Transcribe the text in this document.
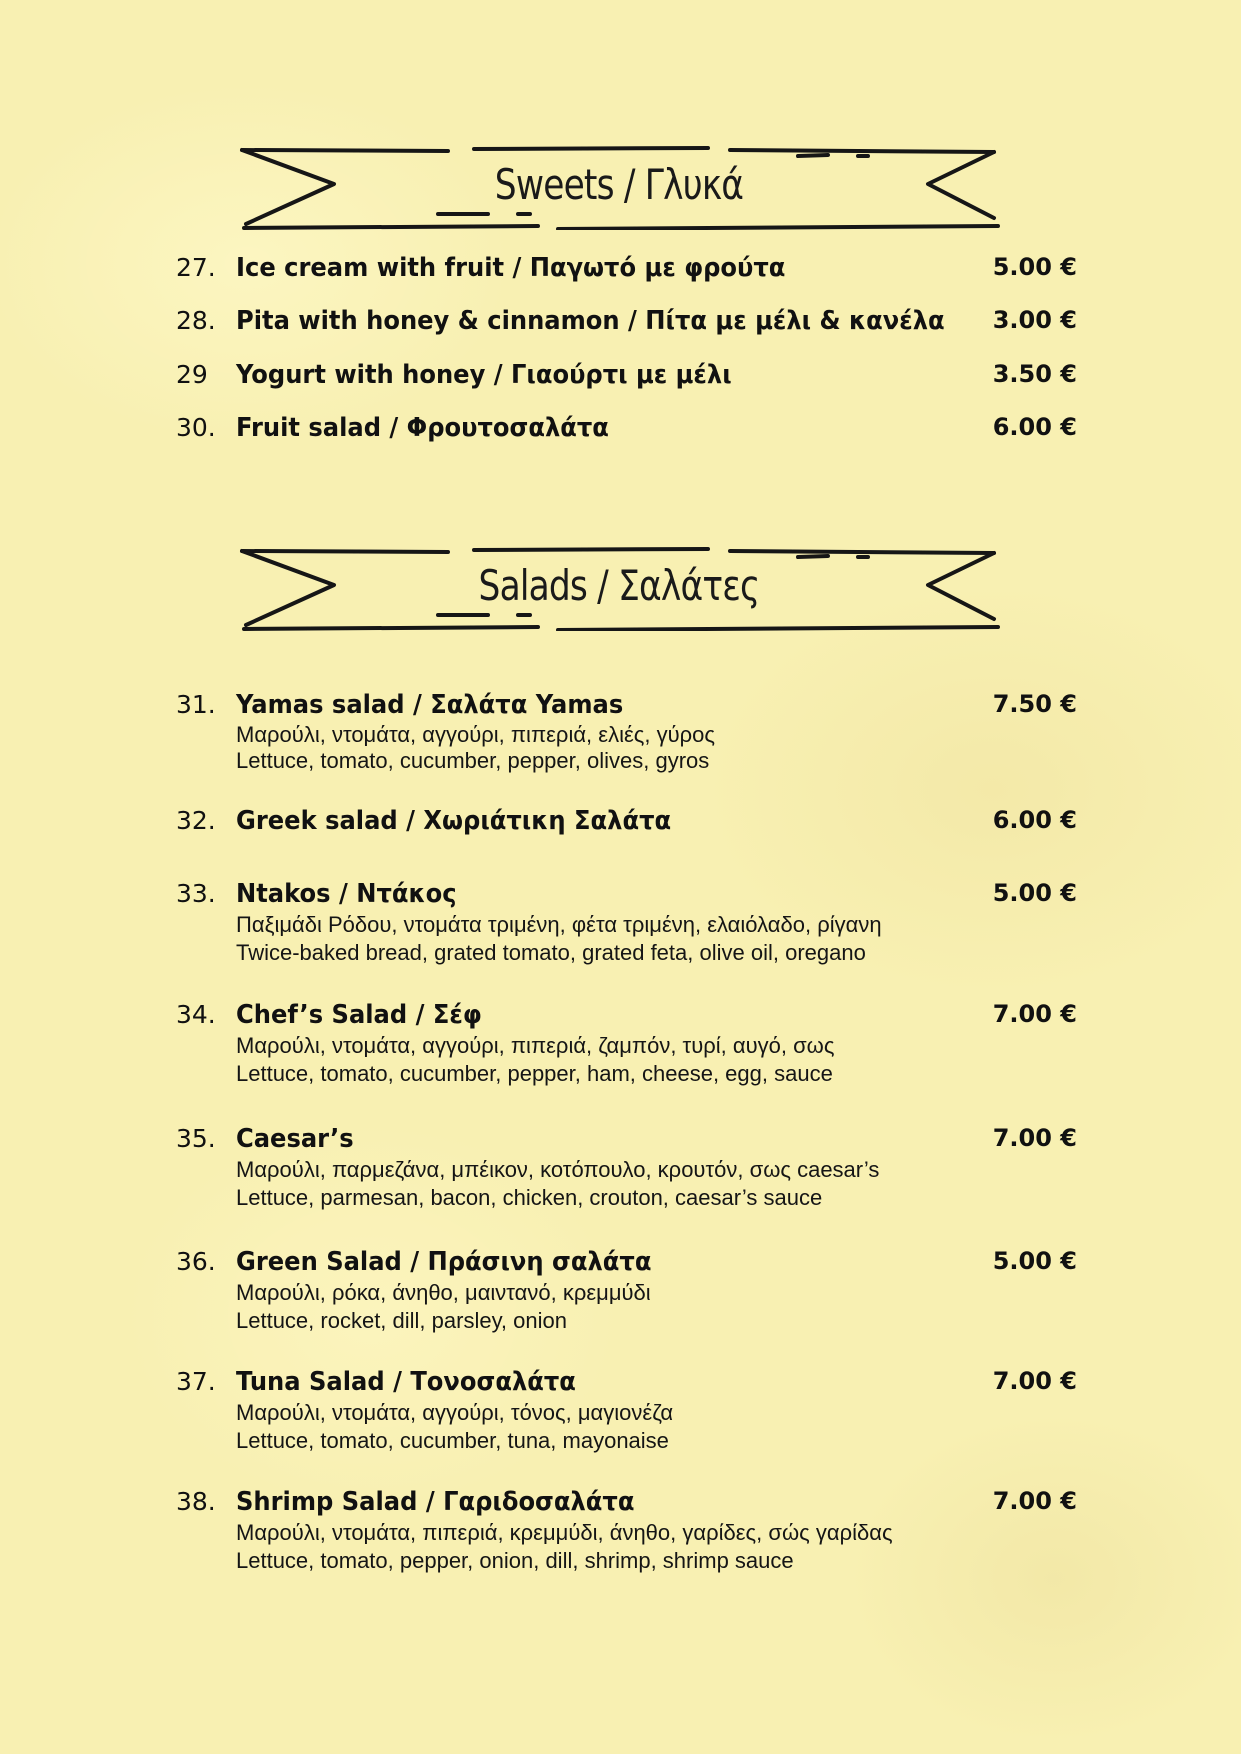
Sweets / Γλυκά
27. Ice cream with fruit / Παγωτό με φρούτα	5.00 €
28. Pita with honey & cinnamon / Πίτα με μέλι & κανέλα 3.00 €
29 Yogurt with honey / Γιαούρτι με μέλι	3.50 €
30. Fruit salad / Φρουτοσαλάτα	6.00 €
Salads / Σαλάτες
31. Yamas salad / Σαλάτα Yamas	7.50 €
Μαρούλι, ντομάτα, αγγούρι, πιπεριά, ελιές, γύρος
Lettuce, tomato, cucumber, pepper, olives, gyros
32. Greek salad / Χωριάτικη Σαλάτα	6.00 €
33. Ntakos / Ντάκος	5.00 €
Παξιμάδι Ρόδου, ντομάτα τριμένη, φέτα τριμένη, ελαιόλαδο, ρίγανη
Twice-baked bread, grated tomato, grated feta, olive oil, oregano
34. Chef’s Salad / Σέφ	7.00 €
Μαρούλι, ντομάτα, αγγούρι, πιπεριά, ζαμπόν, τυρί, αυγό, σως
Lettuce, tomato, cucumber, pepper, ham, cheese, egg, sauce
35. Caesar’s	7.00 €
Μαρούλι, παρμεζάνα, μπέικον, κοτόπουλο, κρουτόν, σως caesar’s
Lettuce, parmesan, bacon, chicken, crouton, caesar’s sauce
36. Green Salad / Πράσινη σαλάτα	5.00 €
Μαρούλι, ρόκα, άνηθο, μαιντανό, κρεμμύδι
Lettuce, rocket, dill, parsley, onion
37. Tuna Salad / Τονοσαλάτα	7.00 €
Μαρούλι, ντομάτα, αγγούρι, τόνος, μαγιονέζα
Lettuce, tomato, cucumber, tuna, mayonaise
38. Shrimp Salad / Γαριδοσαλάτα	7.00 €
Μαρούλι, ντομάτα, πιπεριά, κρεμμύδι, άνηθο, γαρίδες, σώς γαρίδας
Lettuce, tomato, pepper, onion, dill, shrimp, shrimp sauce
